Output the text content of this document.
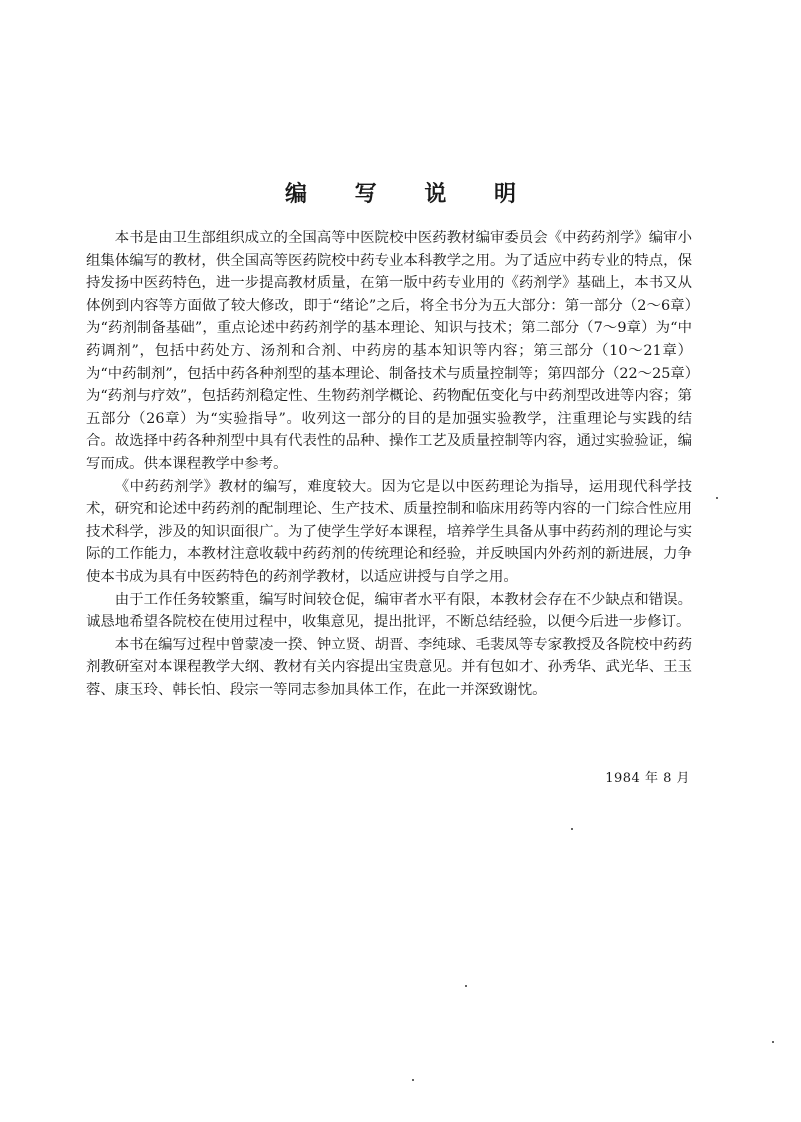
编 写 说 明

本书是由卫生部组织成立的全国高等中医院校中医药教材编审委员会《中药药剂学》编审小组集体编写的教材，供全国高等医药院校中药专业本科教学之用。为了适应中药专业的特点，保持发扬中医药特色，进一步提高教材质量，在第一版中药专业用的《药剂学》基础上，本书又从体例到内容等方面做了较大修改，即于“绪论”之后，将全书分为五大部分：第一部分（2～6章）为“药剂制备基础”，重点论述中药药剂学的基本理论、知识与技术；第二部分（7～9章）为“中药调剂”，包括中药处方、汤剂和合剂、中药房的基本知识等内容；第三部分（10～21章）为“中药制剂”，包括中药各种剂型的基本理论、制备技术与质量控制等；第四部分（22～25章）为“药剂与疗效”，包括药剂稳定性、生物药剂学概论、药物配伍变化与中药剂型改进等内容；第五部分（26章）为“实验指导”。收列这一部分的目的是加强实验教学，注重理论与实践的结合。故选择中药各种剂型中具有代表性的品种、操作工艺及质量控制等内容，通过实验验证，编写而成。供本课程教学中参考。

《中药药剂学》教材的编写，难度较大。因为它是以中医药理论为指导，运用现代科学技术，研究和论述中药药剂的配制理论、生产技术、质量控制和临床用药等内容的一门综合性应用技术科学，涉及的知识面很广。为了使学生学好本课程，培养学生具备从事中药药剂的理论与实际的工作能力，本教材注意收载中药药剂的传统理论和经验，并反映国内外药剂的新进展，力争使本书成为具有中医药特色的药剂学教材，以适应讲授与自学之用。

由于工作任务较繁重，编写时间较仓促，编审者水平有限，本教材会存在不少缺点和错误。诚恳地希望各院校在使用过程中，收集意见，提出批评，不断总结经验，以便今后进一步修订。

本书在编写过程中曾蒙凌一揆、钟立贤、胡晋、李纯球、毛裴凤等专家教授及各院校中药药剂教研室对本课程教学大纲、教材有关内容提出宝贵意见。并有包如才、孙秀华、武光华、王玉蓉、康玉玲、韩长怕、段宗一等同志参加具体工作，在此一并深致谢忱。

1984 年 8 月
